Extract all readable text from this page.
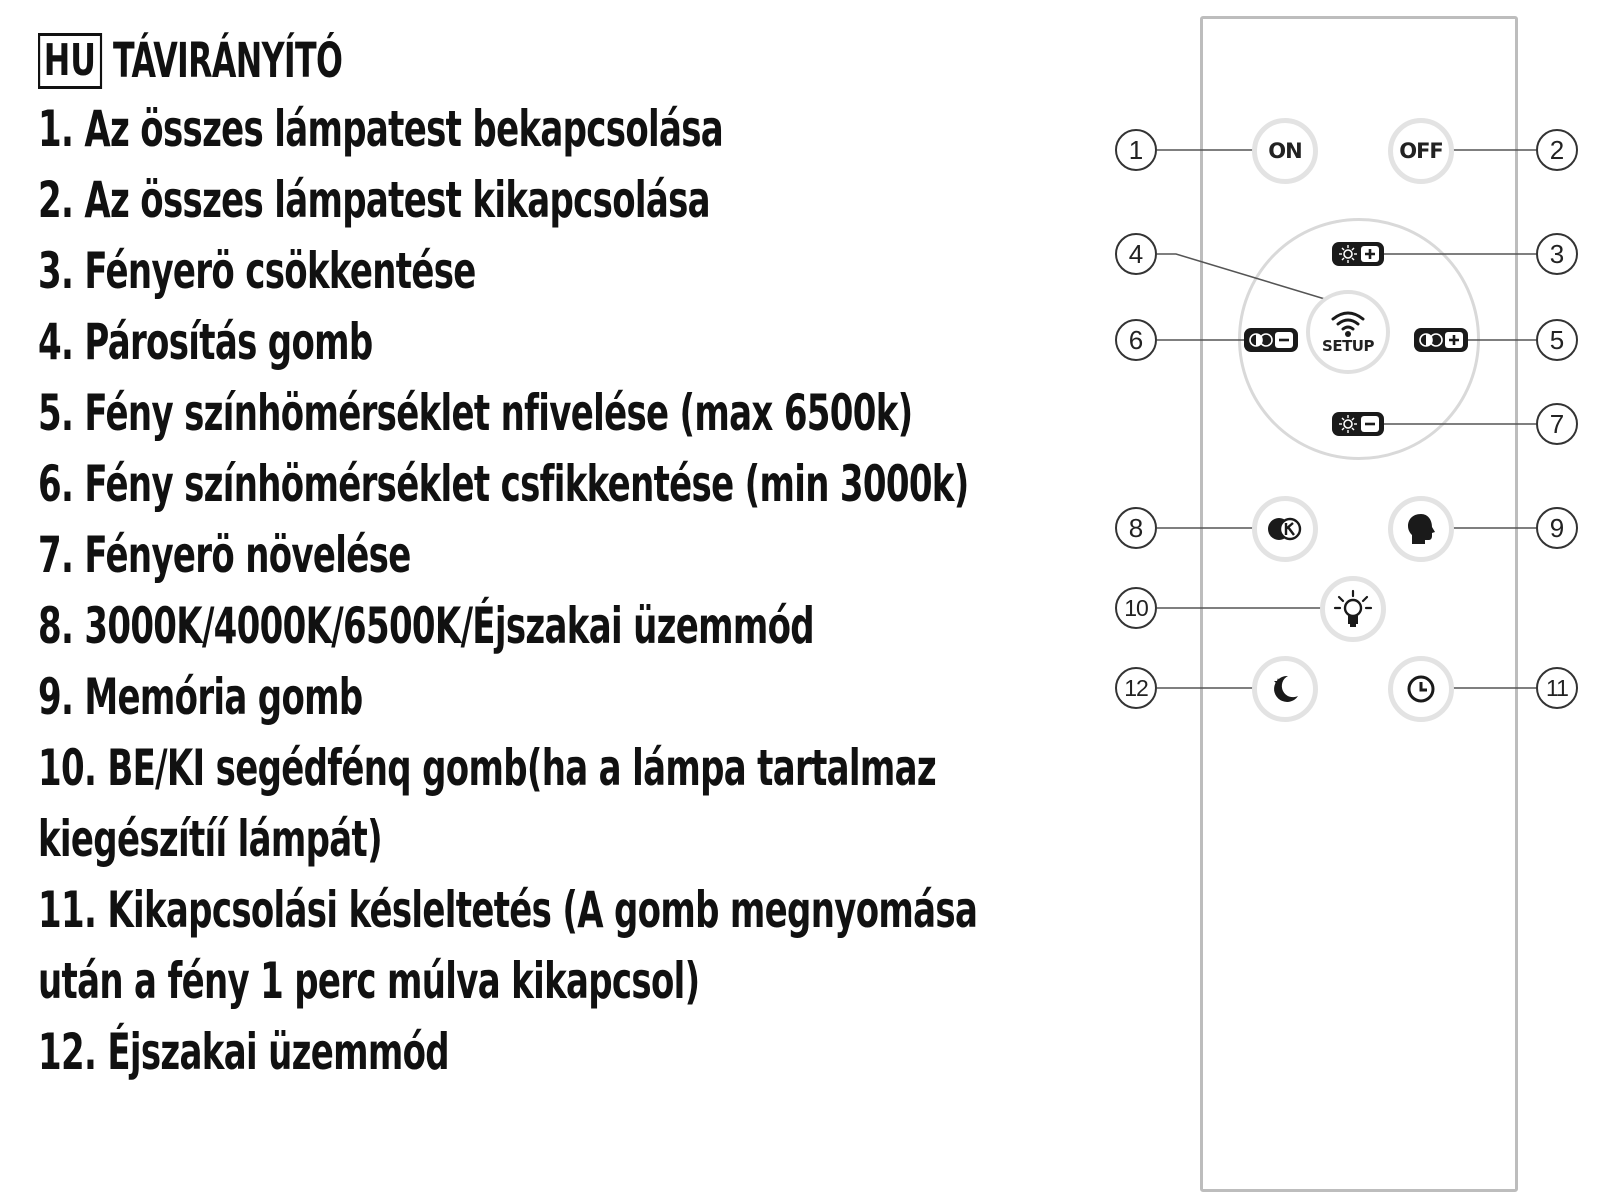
HU TÁVIRÁNYÍTÓ
1. Az összes lámpatest bekapcsolása
2. Az összes lámpatest kikapcsolása
3. Fényerö csökkentése
4. Párosítás gomb
5. Fény színhömérséklet nfivelése (max 6500k)
6. Fény színhömérséklet csfikkentése (min 3000k)
7. Fényerö növelése
8. 3000K/4000K/6500K/Éjszakai üzemmód
9. Memória gomb
10. BE/KI segédfénq gomb(ha a lámpa tartalmaz
kiegészítíí lámpát)
11. Kikapcsolási késleltetés (A gomb megnyomása
után a fény 1 perc múlva kikapcsol)
12. Éjszakai üzemmód
ON	OFF
SETUP
1	2
3
4
5
6
7
8	9
10
11
12
